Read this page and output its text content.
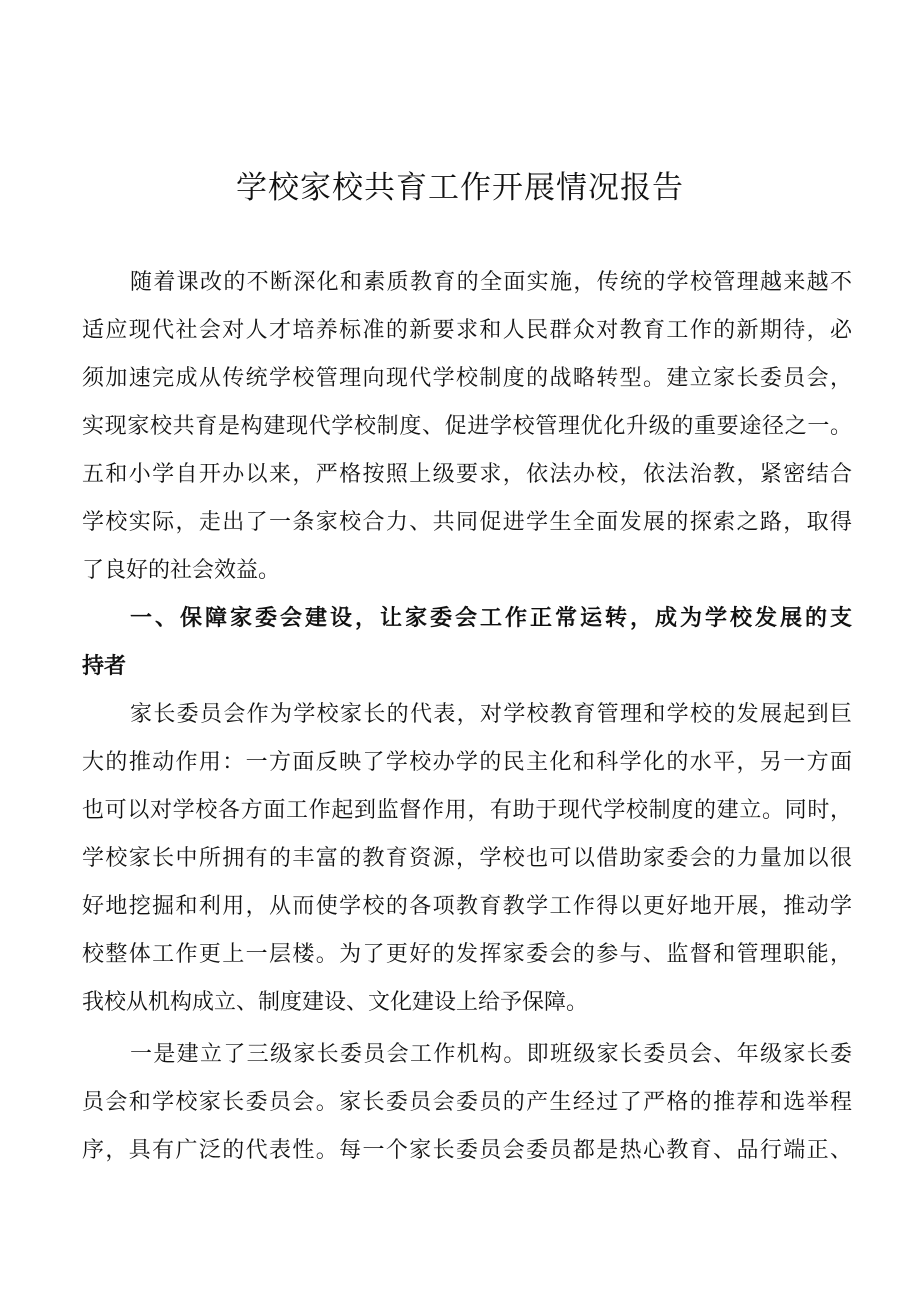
学校家校共育工作开展情况报告
随着课改的不断深化和素质教育的全面实施，传统的学校管理越来越不
适应现代社会对人才培养标准的新要求和人民群众对教育工作的新期待，必
须加速完成从传统学校管理向现代学校制度的战略转型。建立家长委员会，
实现家校共育是构建现代学校制度、促进学校管理优化升级的重要途径之一。
五和小学自开办以来，严格按照上级要求，依法办校，依法治教，紧密结合
学校实际，走出了一条家校合力、共同促进学生全面发展的探索之路，取得
了良好的社会效益。
一、保障家委会建设，让家委会工作正常运转，成为学校发展的支
持者
家长委员会作为学校家长的代表，对学校教育管理和学校的发展起到巨
大的推动作用：一方面反映了学校办学的民主化和科学化的水平，另一方面
也可以对学校各方面工作起到监督作用，有助于现代学校制度的建立。同时，
学校家长中所拥有的丰富的教育资源，学校也可以借助家委会的力量加以很
好地挖掘和利用，从而使学校的各项教育教学工作得以更好地开展，推动学
校整体工作更上一层楼。为了更好的发挥家委会的参与、监督和管理职能，
我校从机构成立、制度建设、文化建设上给予保障。
一是建立了三级家长委员会工作机构。即班级家长委员会、年级家长委
员会和学校家长委员会。家长委员会委员的产生经过了严格的推荐和选举程
序，具有广泛的代表性。每一个家长委员会委员都是热心教育、品行端正、
